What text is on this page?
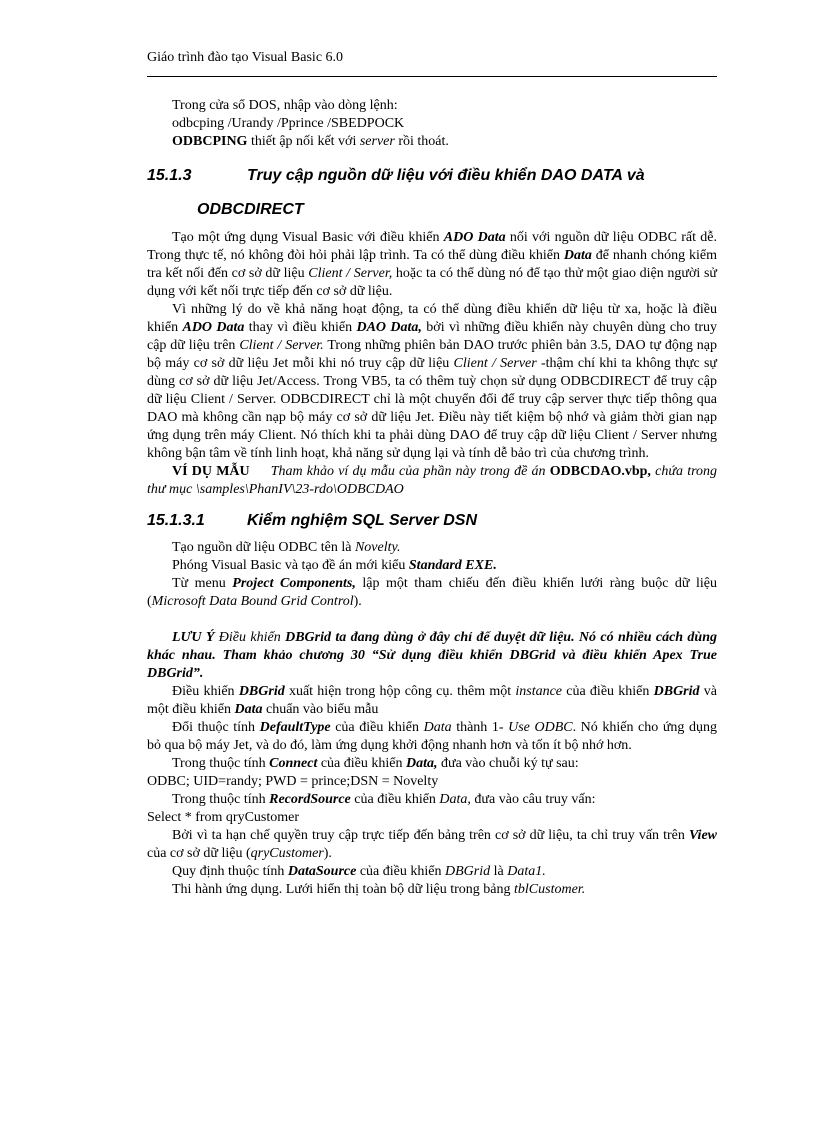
Giáo trình đào tạo Visual Basic 6.0
Trong cửa sổ DOS, nhập vào dòng lệnh:
odbcping /Urandy /Pprince /SBEDPOCK
ODBCPING thiết ập nối kết với server rồi thoát.
15.1.3	Truy cập nguồn dữ liệu với điều khiển DAO DATA và
ODBCDIRECT

Tạo một ứng dụng Visual Basic với điều khiển ADO Data nối với nguồn dữ liệu ODBC rất dễ. Trong thực tế, nó không đòi hỏi phải lập trình. Ta có thể dùng điều khiển Data để nhanh chóng kiểm tra kết nối đến cơ sở dữ liệu Client / Server, hoặc ta có thể dùng nó để tạo thử một giao diện người sử dụng với kết nối trực tiếp đến cơ sở dữ liệu.

Vì những lý do về khả năng hoạt động, ta có thể dùng điều khiển dữ liệu từ xa, hoặc là điều khiển ADO Data thay vì điều khiển DAO Data, bởi vì những điều khiển này chuyên dùng cho truy cập dữ liệu trên Client / Server. Trong những phiên bản DAO trước phiên bản 3.5, DAO tự động nạp bộ máy cơ sở dữ liệu Jet mỗi khi nó truy cập dữ liệu Client / Server -thậm chí khi ta không thực sự dùng cơ sở dữ liệu Jet/Access. Trong VB5, ta có thêm tuỳ chọn sử dụng ODBCDIRECT để truy cập dữ liệu Client / Server. ODBCDIRECT chỉ là một chuyển đổi để truy cập server thực tiếp thông qua DAO mà không cần nạp bộ máy cơ sở dữ liệu Jet. Điều này tiết kiệm bộ nhớ và giảm thời gian nạp ứng dụng trên máy Client. Nó thích khi ta phải dùng DAO để truy cập dữ liệu Client / Server nhưng không bận tâm về tính linh hoạt, khả năng sử dụng lại và tính dễ bảo trì của chương trình.

VÍ DỤ MẪU Tham khảo ví dụ mẫu của phần này trong đề án ODBCDAO.vbp, chứa trong thư mục \samples\PhanIV\23-rdo\ODBCDAO

15.1.3.1	Kiểm nghiệm SQL Server DSN
Tạo nguồn dữ liệu ODBC tên là Novelty.
Phóng Visual Basic và tạo đề án mới kiểu Standard EXE.

Từ menu Project Components, lập một tham chiếu đến điều khiển lưới ràng buộc dữ liệu (Microsoft Data Bound Grid Control).

LƯU Ý Điều khiển DBGrid ta đang dùng ở đây chỉ để duyệt dữ liệu. Nó có nhiều cách dùng khác nhau. Tham khảo chương 30 “Sử dụng điều khiển DBGrid và điều khiển Apex True DBGrid”.

Điều khiển DBGrid xuất hiện trong hộp công cụ. thêm một instance của điều khiển DBGrid và một điều khiển Data chuẩn vào biểu mẫu

Đổi thuộc tính DefaultType của điều khiển Data thành 1- Use ODBC. Nó khiến cho ứng dụng bỏ qua bộ máy Jet, và do đó, làm ứng dụng khởi động nhanh hơn và tốn ít bộ nhớ hơn.

Trong thuộc tính Connect của điều khiển Data, đưa vào chuỗi ký tự sau:
ODBC; UID=randy; PWD = prince;DSN = Novelty
Trong thuộc tính RecordSource của điều khiển Data, đưa vào câu truy vấn:
Select * from qryCustomer

Bởi vì ta hạn chế quyền truy cập trực tiếp đến bảng trên cơ sở dữ liệu, ta chỉ truy vấn trên View của cơ sở dữ liệu (qryCustomer).

Quy định thuộc tính DataSource của điều khiển DBGrid là Data1.
Thi hành ứng dụng. Lưới hiển thị toàn bộ dữ liệu trong bảng tblCustomer.
